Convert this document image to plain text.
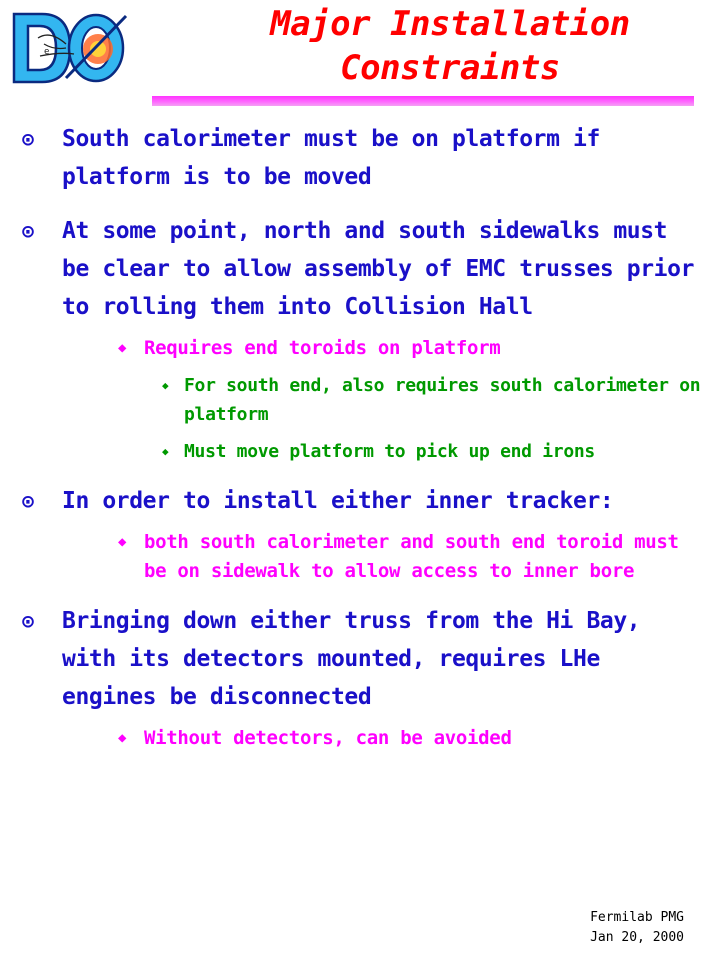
e
Major Installation
Constraints
⊙ South calorimeter must be on platform if platform is to be moved
⊙ At some point, north and south sidewalks must be clear to allow assembly of EMC trusses prior to rolling them into Collision Hall
◆ Requires end toroids on platform
◆ For south end, also requires south calorimeter on platform
◆ Must move platform to pick up end irons
⊙ In order to install either inner tracker:
◆ both south calorimeter and south end toroid must be on sidewalk to allow access to inner bore
⊙ Bringing down either truss from the Hi Bay, with its detectors mounted, requires LHe engines be disconnected
◆ Without detectors, can be avoided
Fermilab PMG
Jan 20, 2000
